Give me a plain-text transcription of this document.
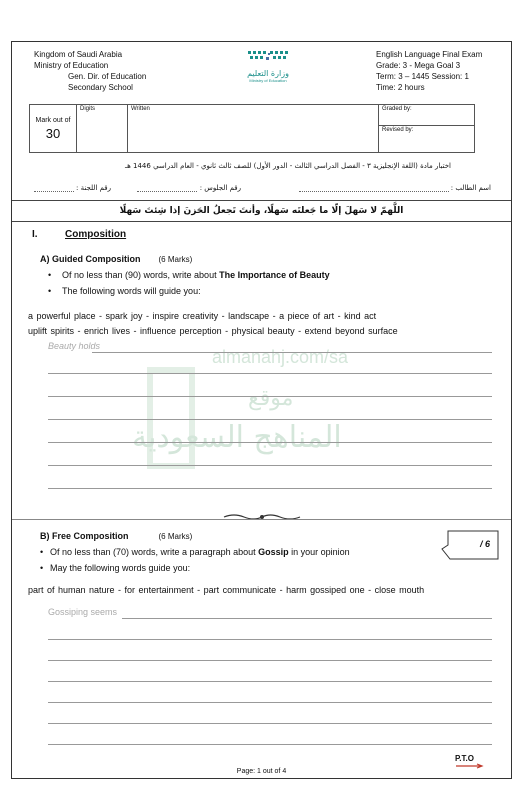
Kingdom of Saudi Arabia
Ministry of Education
Gen. Dir. of Education
Secondary School
وزارة التعليم
Ministry of Education
English Language Final Exam
Grade: 3 - Mega Goal 3
Term: 3 – 1445 Session: 1
Time: 2 hours
Mark out of
30
	Digits	Written	Graded by:
Revised by:
اختبار مادة (اللغة الإنجليزية ٣ - الفصل الدراسي الثالث - الدور الأول) للصف ثالث ثانوي - العام الدراسي 1446 هـ
اسم الطالب :
رقم الجلوس :
رقم اللجنة :
اللَّهمّ لا سَهلَ إلّا ما جَعلتَه سَهلًا، وأنتَ تَجعلُ الحَزنَ إذا شِئتَ سَهلًا
I.	Composition
A) Guided Composition (6 Marks)
• Of no less than (90) words, write about The Importance of Beauty
• The following words will guide you:
a powerful place - spark joy - inspire creativity - landscape - a piece of art - kind act
uplift spirits - enrich lives - influence perception - physical beauty - extend beyond surface
almanahj.com/sa
موقع
المناهج السعودية
Beauty holds
B) Free Composition	(6 Marks)
/ 6
• Of no less than (70) words, write a paragraph about Gossip in your opinion
• May the following words guide you:
part of human nature - for entertainment - part communicate - harm gossiped one - close mouth
Gossiping seems
P.T.O
Page: 1 out of 4
